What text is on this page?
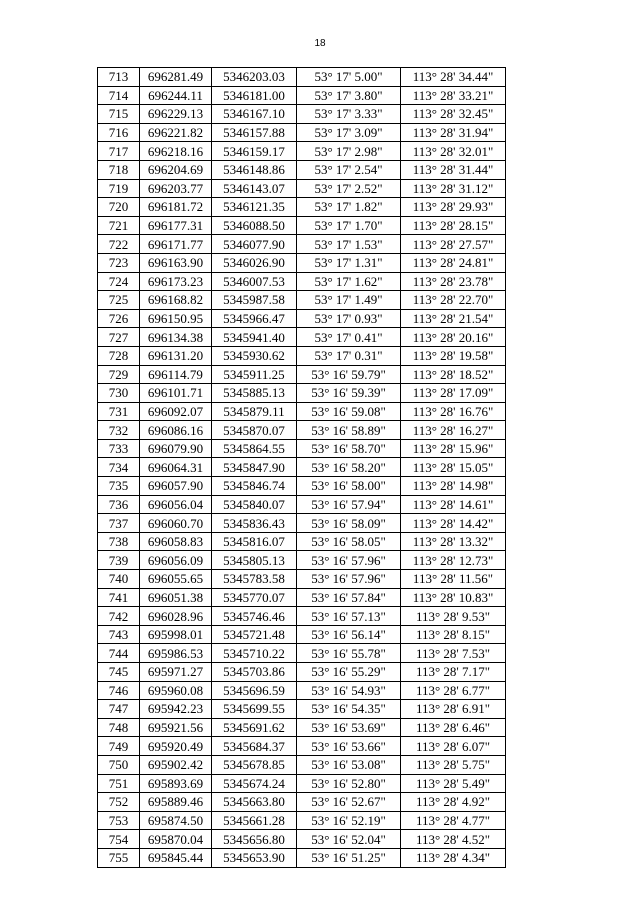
18
713	696281.49	5346203.03	53° 17' 5.00"	113° 28' 34.44"
714	696244.11	5346181.00	53° 17' 3.80"	113° 28' 33.21"
715	696229.13	5346167.10	53° 17' 3.33"	113° 28' 32.45"
716	696221.82	5346157.88	53° 17' 3.09"	113° 28' 31.94"
717	696218.16	5346159.17	53° 17' 2.98"	113° 28' 32.01"
718	696204.69	5346148.86	53° 17' 2.54"	113° 28' 31.44"
719	696203.77	5346143.07	53° 17' 2.52"	113° 28' 31.12"
720	696181.72	5346121.35	53° 17' 1.82"	113° 28' 29.93"
721	696177.31	5346088.50	53° 17' 1.70"	113° 28' 28.15"
722	696171.77	5346077.90	53° 17' 1.53"	113° 28' 27.57"
723	696163.90	5346026.90	53° 17' 1.31"	113° 28' 24.81"
724	696173.23	5346007.53	53° 17' 1.62"	113° 28' 23.78"
725	696168.82	5345987.58	53° 17' 1.49"	113° 28' 22.70"
726	696150.95	5345966.47	53° 17' 0.93"	113° 28' 21.54"
727	696134.38	5345941.40	53° 17' 0.41"	113° 28' 20.16"
728	696131.20	5345930.62	53° 17' 0.31"	113° 28' 19.58"
729	696114.79	5345911.25	53° 16' 59.79"	113° 28' 18.52"
730	696101.71	5345885.13	53° 16' 59.39"	113° 28' 17.09"
731	696092.07	5345879.11	53° 16' 59.08"	113° 28' 16.76"
732	696086.16	5345870.07	53° 16' 58.89"	113° 28' 16.27"
733	696079.90	5345864.55	53° 16' 58.70"	113° 28' 15.96"
734	696064.31	5345847.90	53° 16' 58.20"	113° 28' 15.05"
735	696057.90	5345846.74	53° 16' 58.00"	113° 28' 14.98"
736	696056.04	5345840.07	53° 16' 57.94"	113° 28' 14.61"
737	696060.70	5345836.43	53° 16' 58.09"	113° 28' 14.42"
738	696058.83	5345816.07	53° 16' 58.05"	113° 28' 13.32"
739	696056.09	5345805.13	53° 16' 57.96"	113° 28' 12.73"
740	696055.65	5345783.58	53° 16' 57.96"	113° 28' 11.56"
741	696051.38	5345770.07	53° 16' 57.84"	113° 28' 10.83"
742	696028.96	5345746.46	53° 16' 57.13"	113° 28' 9.53"
743	695998.01	5345721.48	53° 16' 56.14"	113° 28' 8.15"
744	695986.53	5345710.22	53° 16' 55.78"	113° 28' 7.53"
745	695971.27	5345703.86	53° 16' 55.29"	113° 28' 7.17"
746	695960.08	5345696.59	53° 16' 54.93"	113° 28' 6.77"
747	695942.23	5345699.55	53° 16' 54.35"	113° 28' 6.91"
748	695921.56	5345691.62	53° 16' 53.69"	113° 28' 6.46"
749	695920.49	5345684.37	53° 16' 53.66"	113° 28' 6.07"
750	695902.42	5345678.85	53° 16' 53.08"	113° 28' 5.75"
751	695893.69	5345674.24	53° 16' 52.80"	113° 28' 5.49"
752	695889.46	5345663.80	53° 16' 52.67"	113° 28' 4.92"
753	695874.50	5345661.28	53° 16' 52.19"	113° 28' 4.77"
754	695870.04	5345656.80	53° 16' 52.04"	113° 28' 4.52"
755	695845.44	5345653.90	53° 16' 51.25"	113° 28' 4.34"
